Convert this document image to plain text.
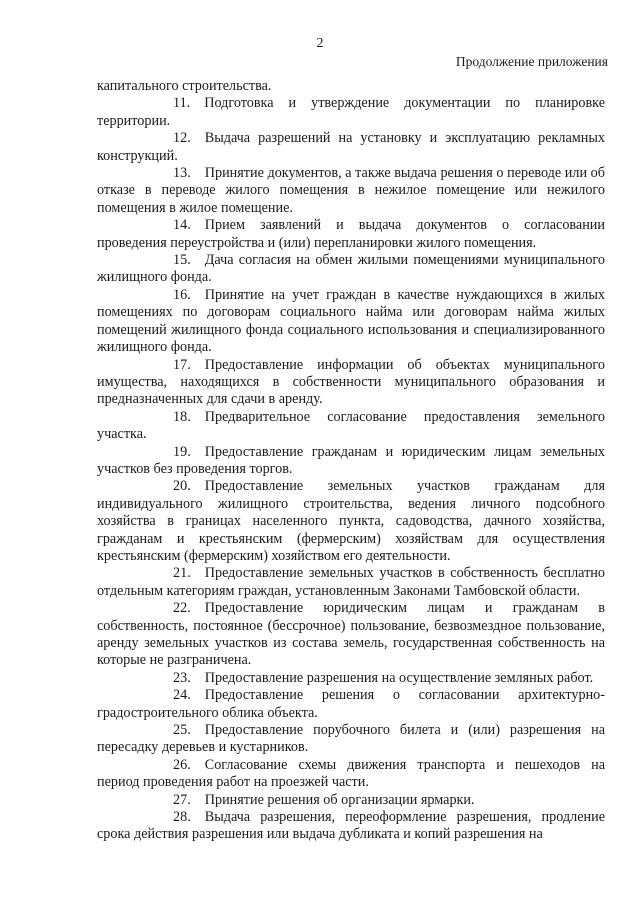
2
Продолжение приложения

капитального строительства.

11. Подготовка и утверждение документации по планировке территории.

12. Выдача разрешений на установку и эксплуатацию рекламных конструкций.

13. Принятие документов, а также выдача решения о переводе или об отказе в переводе жилого помещения в нежилое помещение или нежилого помещения в жилое помещение.

14. Прием заявлений и выдача документов о согласовании проведения переустройства и (или) перепланировки жилого помещения.

15. Дача согласия на обмен жилыми помещениями муниципального жилищного фонда.

16. Принятие на учет граждан в качестве нуждающихся в жилых помещениях по договорам социального найма или договорам найма жилых помещений жилищного фонда социального использования и специализированного жилищного фонда.

17. Предоставление информации об объектах муниципального имущества, находящихся в собственности муниципального образования и предназначенных для сдачи в аренду.

18. Предварительное согласование предоставления земельного участка.

19. Предоставление гражданам и юридическим лицам земельных участков без проведения торгов.

20. Предоставление земельных участков гражданам для индивидуального жилищного строительства, ведения личного подсобного хозяйства в границах населенного пункта, садоводства, дачного хозяйства, гражданам и крестьянским (фермерским) хозяйствам для осуществления крестьянским (фермерским) хозяйством его деятельности.

21. Предоставление земельных участков в собственность бесплатно отдельным категориям граждан, установленным Законами Тамбовской области.

22. Предоставление юридическим лицам и гражданам в собственность, постоянное (бессрочное) пользование, безвозмездное пользование, аренду земельных участков из состава земель, государственная собственность на которые не разграничена.

23. Предоставление разрешения на осуществление земляных работ.

24. Предоставление решения о согласовании архитектурно-градостроительного облика объекта.

25. Предоставление порубочного билета и (или) разрешения на пересадку деревьев и кустарников.

26. Согласование схемы движения транспорта и пешеходов на период проведения работ на проезжей части.

27. Принятие решения об организации ярмарки.

28. Выдача разрешения, переоформление разрешения, продление срока действия разрешения или выдача дубликата и копий разрешения на
